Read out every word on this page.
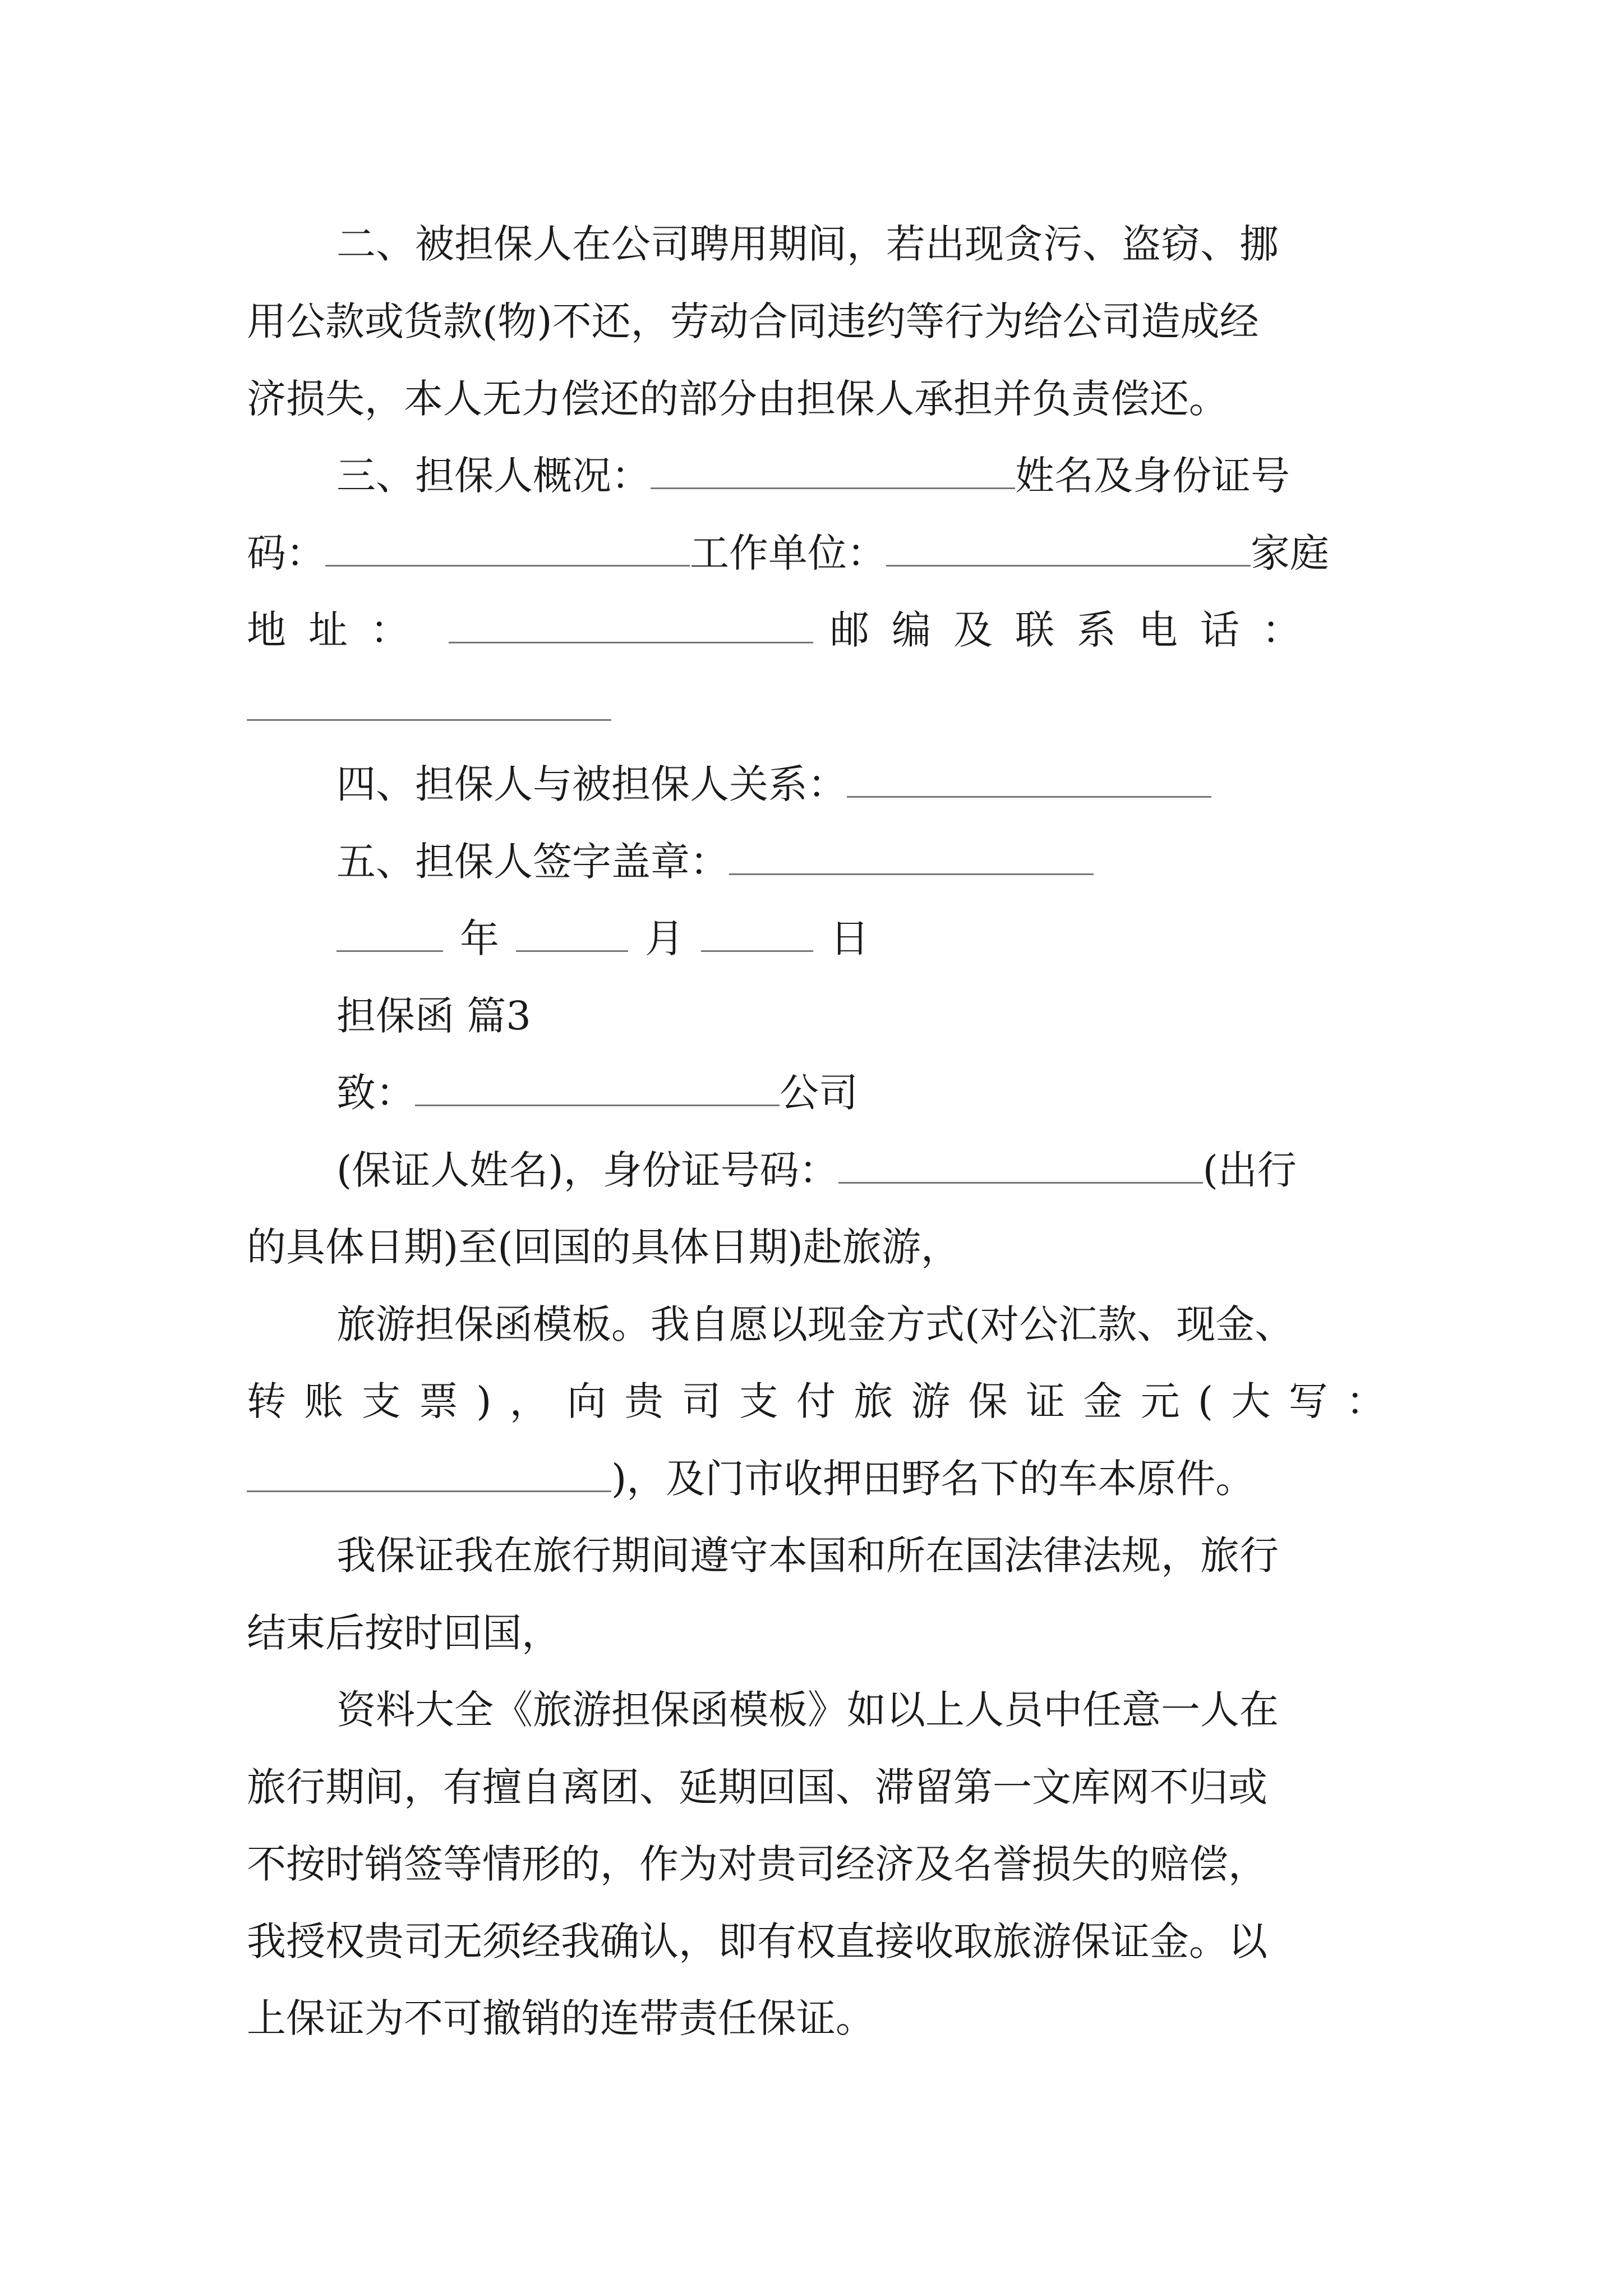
二、被担保人在公司聘用期间，若出现贪污、盗窃、挪
用公款或货款(物)不还，劳动合同违约等行为给公司造成经
济损失，本人无力偿还的部分由担保人承担并负责偿还。
三、担保人概况：	姓名及身份证号
码：	工作单位：	家庭
地址：	邮编及联系电话：
四、担保人与被担保人关系：
五、担保人签字盖章：
年	月	日
担保函 篇3
致：	公司
(保证人姓名)，身份证号码：	(出行
的具体日期)至(回国的具体日期)赴旅游，
旅游担保函模板。我自愿以现金方式(对公汇款、现金、
转账支票)，向贵司支付旅游保证金元(大写：
)，及门市收押田野名下的车本原件。
我保证我在旅行期间遵守本国和所在国法律法规，旅行
结束后按时回国，
资料大全《旅游担保函模板》如以上人员中任意一人在
旅行期间，有擅自离团、延期回国、滞留第一文库网不归或
不按时销签等情形的，作为对贵司经济及名誉损失的赔偿，
我授权贵司无须经我确认，即有权直接收取旅游保证金。以
上保证为不可撤销的连带责任保证。
